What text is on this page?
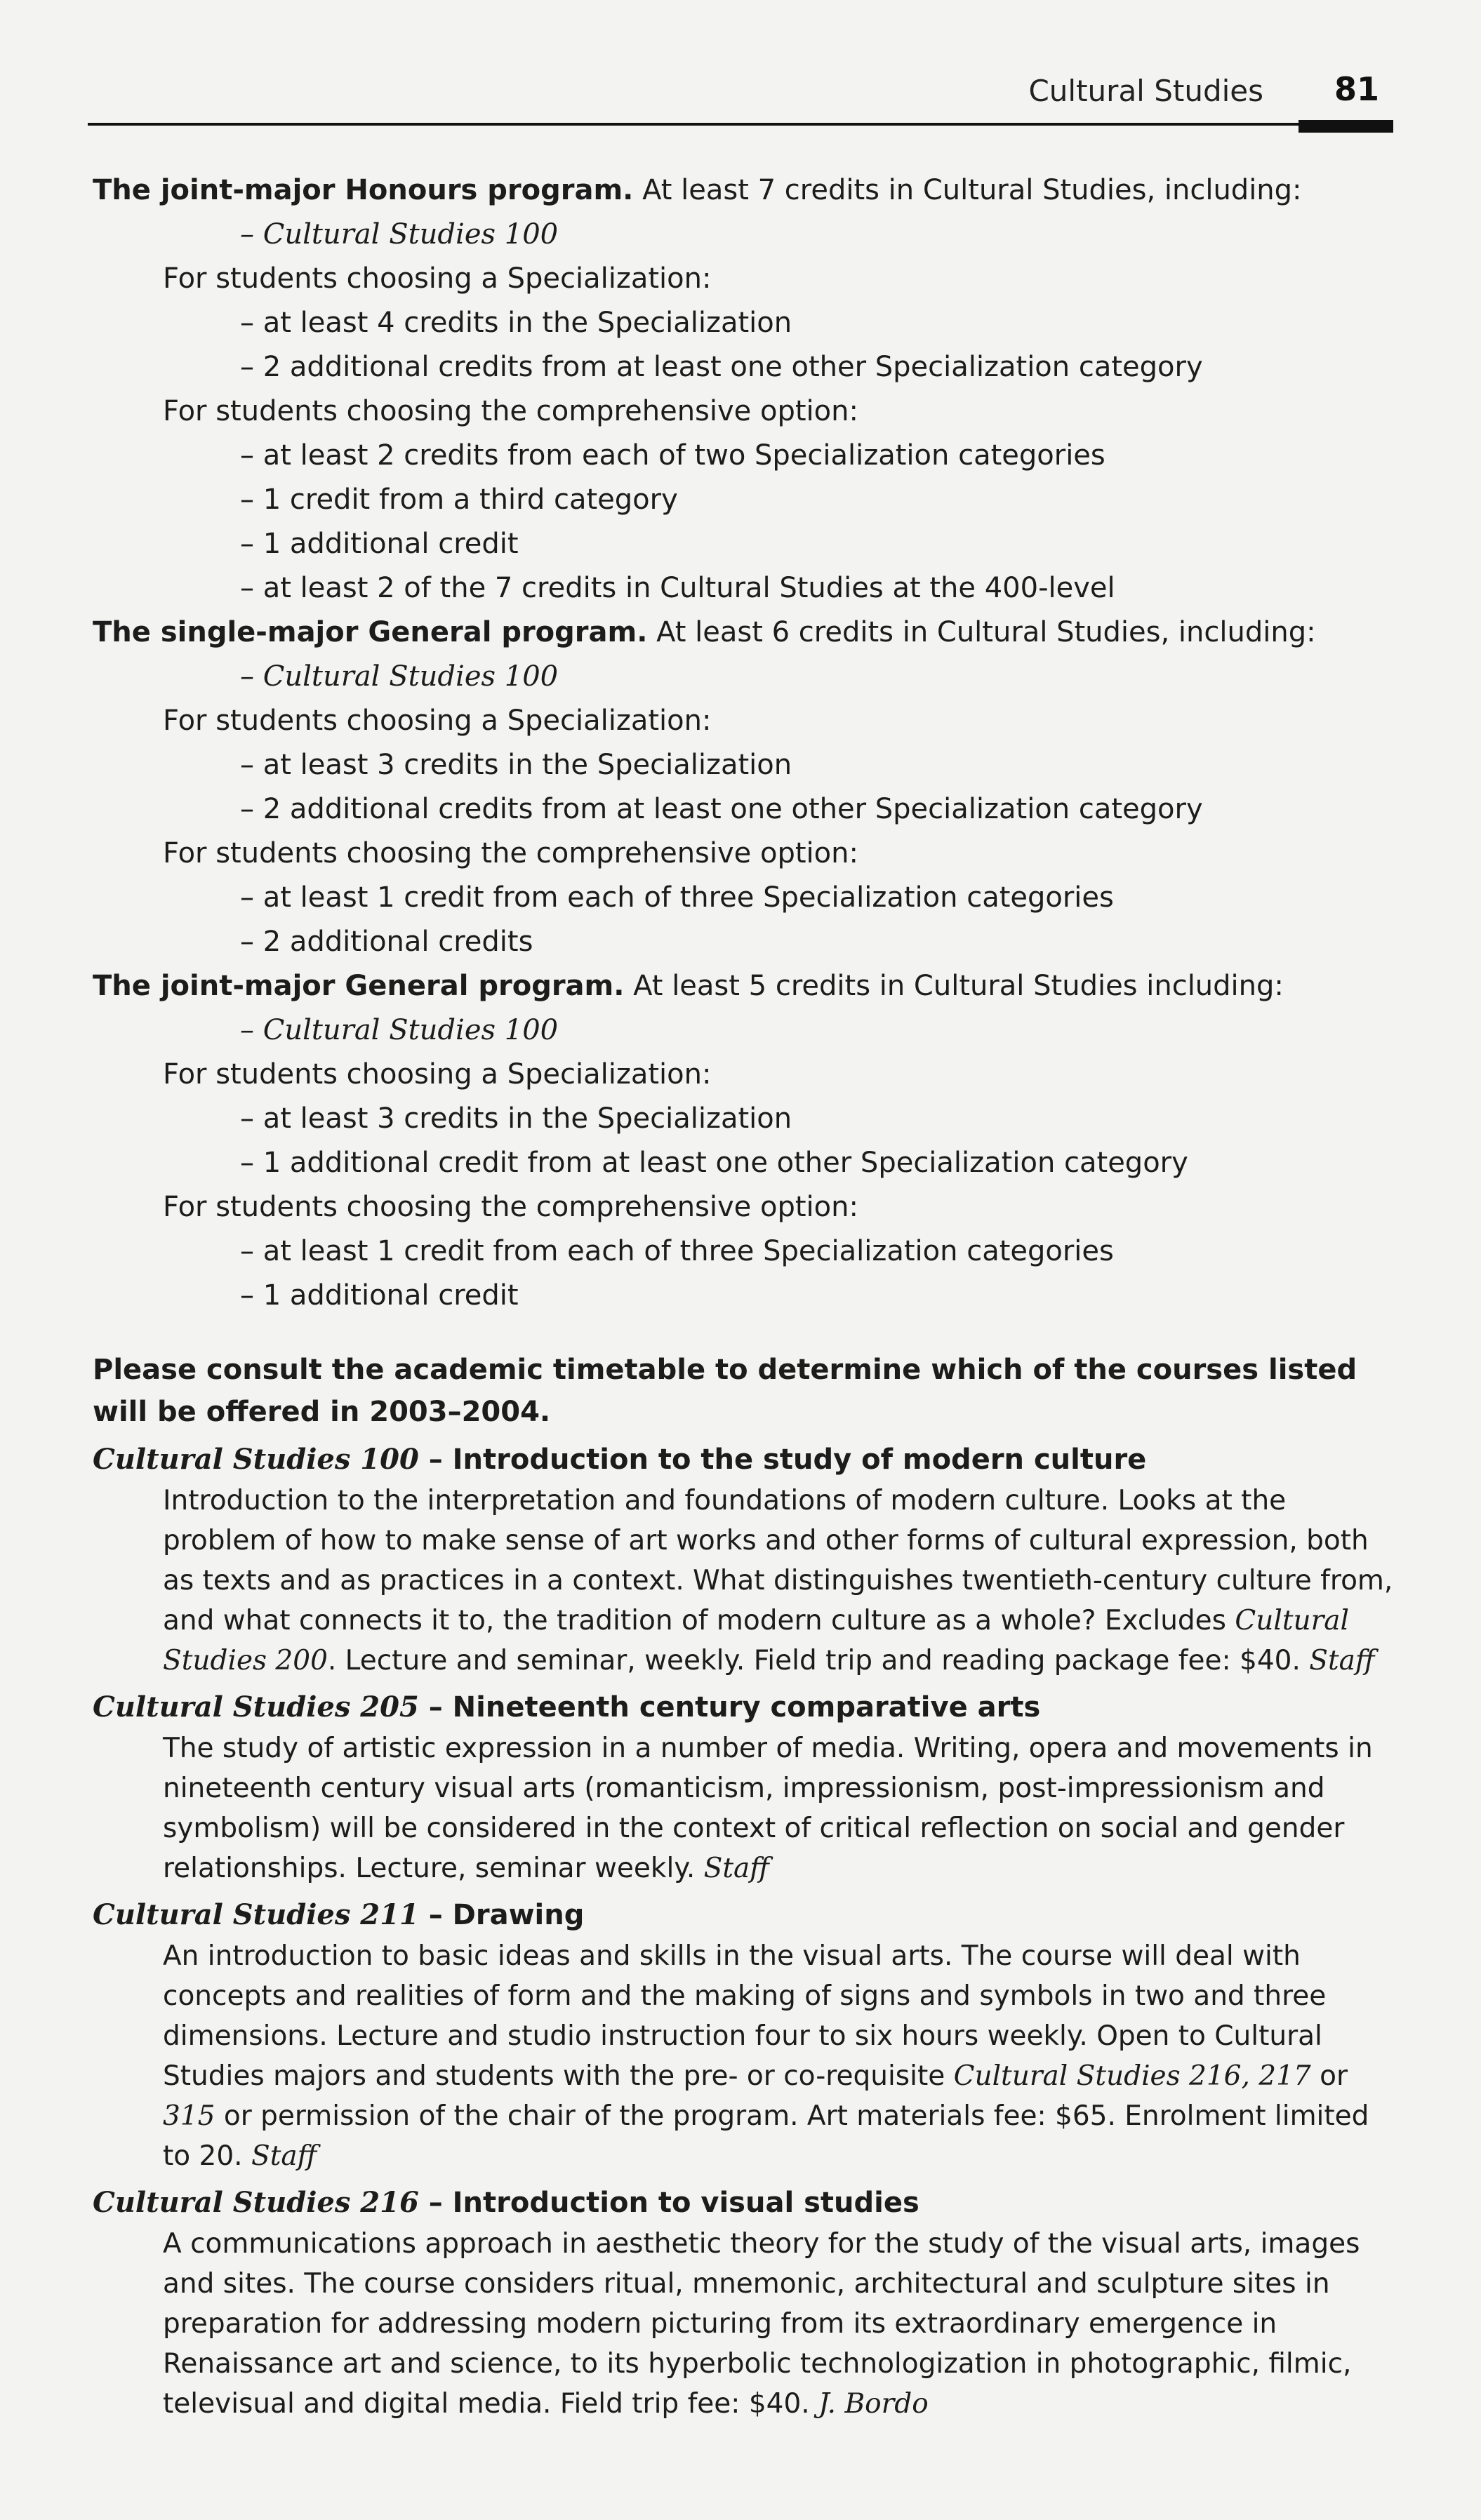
Cultural Studies 81
The joint-major Honours program. At least 7 credits in Cultural Studies, including:
– Cultural Studies 100
For students choosing a Specialization:
– at least 4 credits in the Specialization
– 2 additional credits from at least one other Specialization category
For students choosing the comprehensive option:
– at least 2 credits from each of two Specialization categories
– 1 credit from a third category
– 1 additional credit
– at least 2 of the 7 credits in Cultural Studies at the 400-level
The single-major General program. At least 6 credits in Cultural Studies, including:
– Cultural Studies 100
For students choosing a Specialization:
– at least 3 credits in the Specialization
– 2 additional credits from at least one other Specialization category
For students choosing the comprehensive option:
– at least 1 credit from each of three Specialization categories
– 2 additional credits
The joint-major General program. At least 5 credits in Cultural Studies including:
– Cultural Studies 100
For students choosing a Specialization:
– at least 3 credits in the Specialization
– 1 additional credit from at least one other Specialization category
For students choosing the comprehensive option:
– at least 1 credit from each of three Specialization categories
– 1 additional credit
Please consult the academic timetable to determine which of the courses listed will be offered in 2003–2004.
Cultural Studies 100 – Introduction to the study of modern culture
Introduction to the interpretation and foundations of modern culture. Looks at the problem of how to make sense of art works and other forms of cultural expression, both as texts and as practices in a context. What distinguishes twentieth-century culture from, and what connects it to, the tradition of modern culture as a whole? Excludes Cultural Studies 200. Lecture and seminar, weekly. Field trip and reading package fee: $40. Staff
Cultural Studies 205 – Nineteenth century comparative arts
The study of artistic expression in a number of media. Writing, opera and movements in nineteenth century visual arts (romanticism, impressionism, post-impressionism and symbolism) will be considered in the context of critical reflection on social and gender relationships. Lecture, seminar weekly. Staff
Cultural Studies 211 – Drawing
An introduction to basic ideas and skills in the visual arts. The course will deal with concepts and realities of form and the making of signs and symbols in two and three dimensions. Lecture and studio instruction four to six hours weekly. Open to Cultural Studies majors and students with the pre- or co-requisite Cultural Studies 216, 217 or 315 or permission of the chair of the program. Art materials fee: $65. Enrolment limited to 20. Staff
Cultural Studies 216 – Introduction to visual studies
A communications approach in aesthetic theory for the study of the visual arts, images and sites. The course considers ritual, mnemonic, architectural and sculpture sites in preparation for addressing modern picturing from its extraordinary emergence in Renaissance art and science, to its hyperbolic technologization in photographic, filmic, televisual and digital media. Field trip fee: $40. J. Bordo
